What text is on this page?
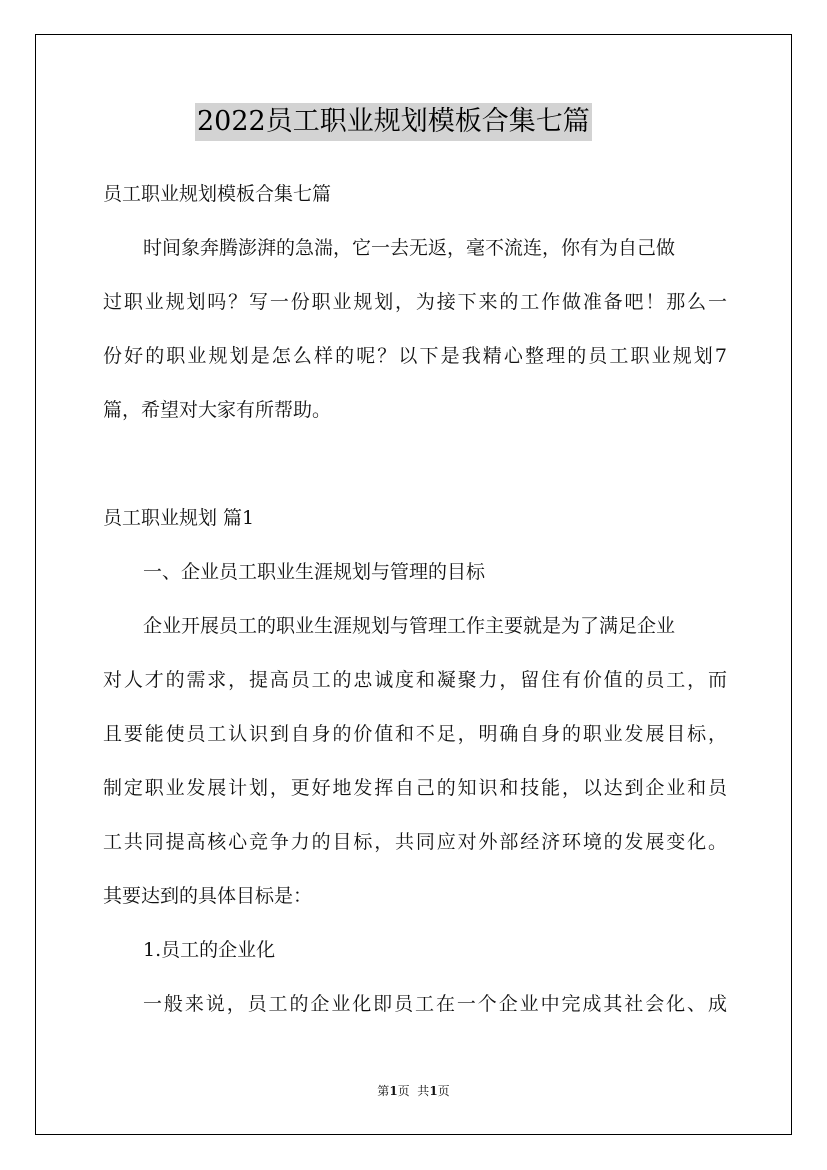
2022员工职业规划模板合集七篇
员工职业规划模板合集七篇
时间象奔腾澎湃的急湍，它一去无返，毫不流连，你有为自己做
过职业规划吗？写一份职业规划，为接下来的工作做准备吧！那么一
份好的职业规划是怎么样的呢？以下是我精心整理的员工职业规划7
篇，希望对大家有所帮助。
员工职业规划 篇1
一、企业员工职业生涯规划与管理的目标
企业开展员工的职业生涯规划与管理工作主要就是为了满足企业
对人才的需求，提高员工的忠诚度和凝聚力，留住有价值的员工，而
且要能使员工认识到自身的价值和不足，明确自身的职业发展目标，
制定职业发展计划，更好地发挥自己的知识和技能，以达到企业和员
工共同提高核心竞争力的目标，共同应对外部经济环境的发展变化。
其要达到的具体目标是：
1.员工的企业化
一般来说，员工的企业化即员工在一个企业中完成其社会化、成
第1页  共1页
